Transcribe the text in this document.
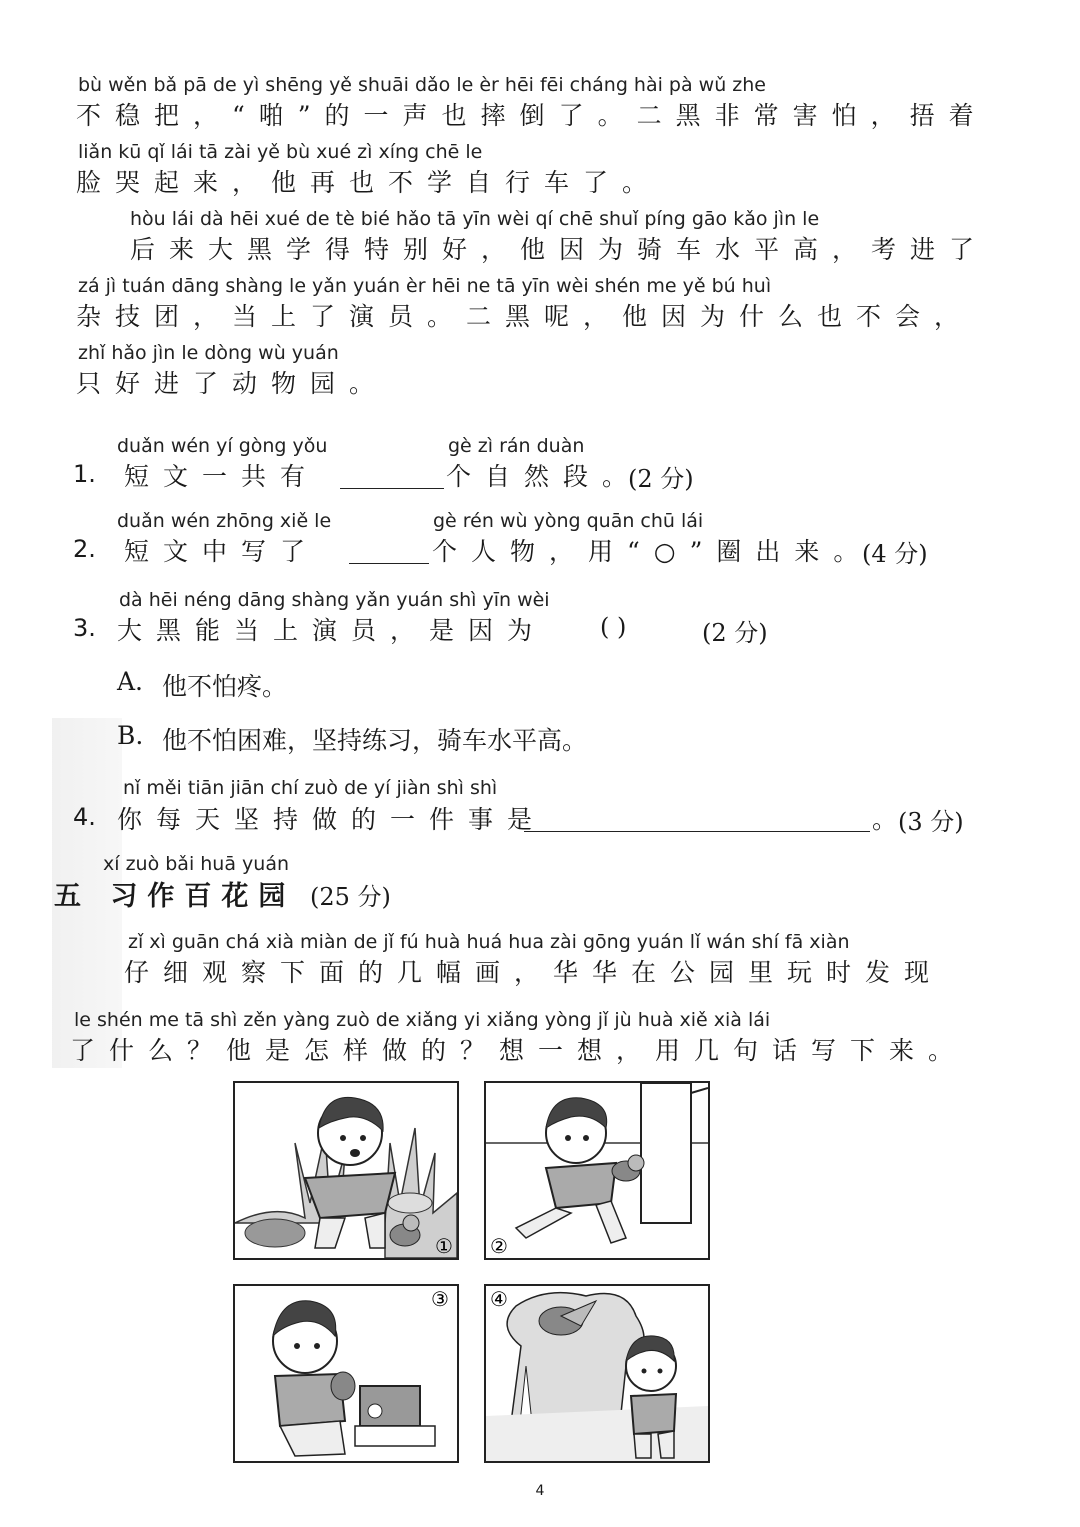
bù wěn bǎ pā de yì shēng yě shuāi dǎo le èr hēi fēi cháng hài pà wǔ zhe
不稳把，“啪”的一声也摔倒了。二黑非常害怕，捂着
liǎn kū qǐ lái tā zài yě bù xué zì xíng chē le
脸哭起来，他再也不学自行车了。
hòu lái dà hēi xué de tè bié hǎo tā yīn wèi qí chē shuǐ píng gāo kǎo jìn le
后来大黑学得特别好，他因为骑车水平高，考进了
zá jì tuán dāng shàng le yǎn yuán èr hēi ne tā yīn wèi shén me yě bú huì
杂技团，当上了演员。二黑呢，他因为什么也不会，
zhǐ hǎo jìn le dòng wù yuán
只好进了动物园。
duǎn wén yí gòng yǒu
1. 短文一共有
gè zì rán duàn
个自然段。
(2 分)
duǎn wén zhōng xiě le
2. 短文中写了
gè rén wù yòng quān chū lái
个人物，用“○”圈出来。
(4 分)
dà hēi néng dāng shàng yǎn yuán shì yīn wèi
3. 大黑能当上演员，是因为 ( )	(2 分)
A. 他不怕疼。
B. 他不怕困难，坚持练习，骑车水平高。
nǐ měi tiān jiān chí zuò de yí jiàn shì shì
4. 你每天坚持做的一件事是	。
(3 分)
xí zuò bǎi huā yuán
五 习作百花园 (25 分)
zǐ xì guān chá xià miàn de jǐ fú huà huá hua zài gōng yuán lǐ wán shí fā xiàn
仔细观察下面的几幅画，华华在公园里玩时发现
le shén me tā shì zěn yàng zuò de xiǎng yi xiǎng yòng jǐ jù huà xiě xià lái
了什么？他是怎样做的？想一想，用几句话写下来。
① ②
③ ④
4
